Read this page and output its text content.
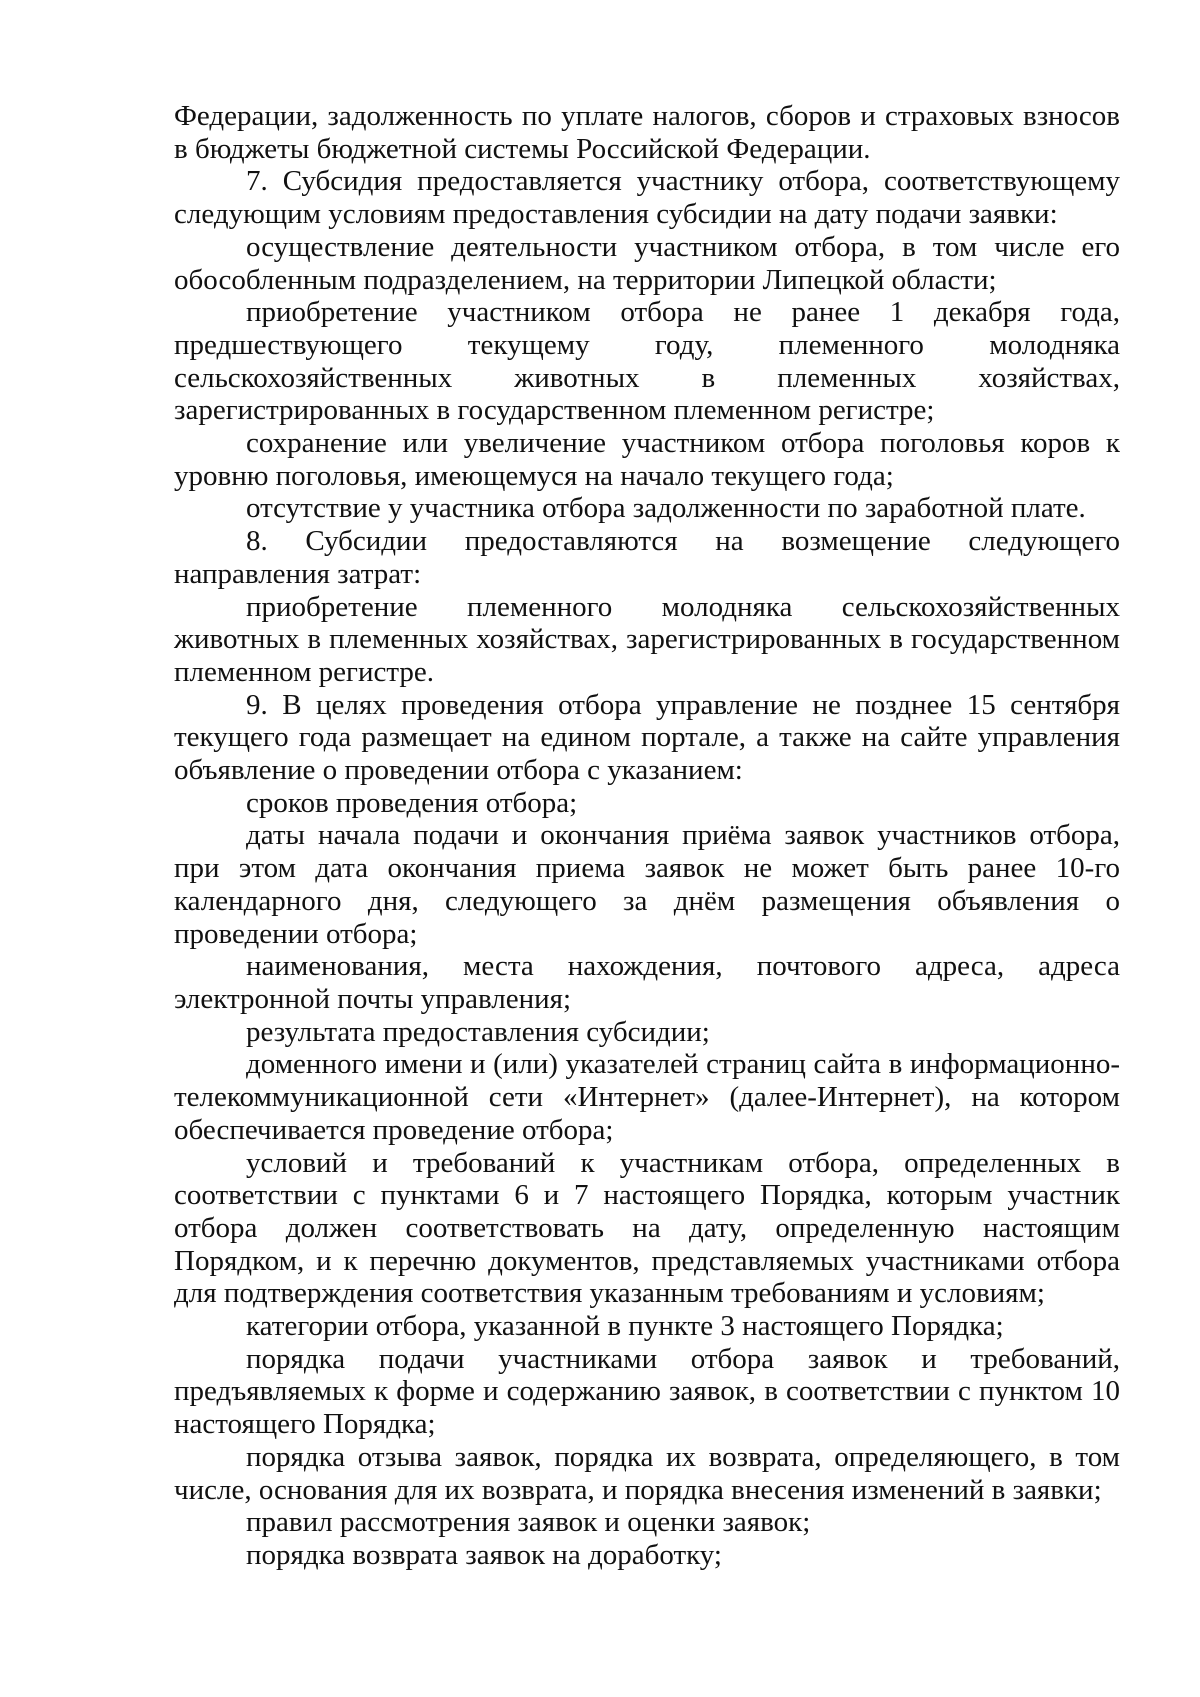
Федерации, задолженность по уплате налогов, сборов и страховых взносов в бюджеты бюджетной системы Российской Федерации.

7. Субсидия предоставляется участнику отбора, соответствующему следующим условиям предоставления субсидии на дату подачи заявки:

осуществление деятельности участником отбора, в том числе его обособленным подразделением, на территории Липецкой области;

приобретение участником отбора не ранее 1 декабря года, предшествующего текущему году, племенного молодняка сельскохозяйственных животных в племенных хозяйствах, зарегистрированных в государственном племенном регистре;

сохранение или увеличение участником отбора поголовья коров к уровню поголовья, имеющемуся на начало текущего года;

отсутствие у участника отбора задолженности по заработной плате.

8. Субсидии предоставляются на возмещение следующего направления затрат:

приобретение племенного молодняка сельскохозяйственных животных в племенных хозяйствах, зарегистрированных в государственном племенном регистре.

9. В целях проведения отбора управление не позднее 15 сентября текущего года размещает на едином портале, а также на сайте управления объявление о проведении отбора с указанием:

сроков проведения отбора;

даты начала подачи и окончания приёма заявок участников отбора, при этом дата окончания приема заявок не может быть ранее 10-го календарного дня, следующего за днём размещения объявления о проведении отбора;

наименования, места нахождения, почтового адреса, адреса электронной почты управления;

результата предоставления субсидии;

доменного имени и (или) указателей страниц сайта в информационно-телекоммуникационной сети «Интернет» (далее-Интернет), на котором обеспечивается проведение отбора;

условий и требований к участникам отбора, определенных в соответствии с пунктами 6 и 7 настоящего Порядка, которым участник отбора должен соответствовать на дату, определенную настоящим Порядком, и к перечню документов, представляемых участниками отбора для подтверждения соответствия указанным требованиям и условиям;

категории отбора, указанной в пункте 3 настоящего Порядка;

порядка подачи участниками отбора заявок и требований, предъявляемых к форме и содержанию заявок, в соответствии с пунктом 10 настоящего Порядка;

порядка отзыва заявок, порядка их возврата, определяющего, в том числе, основания для их возврата, и порядка внесения изменений в заявки;

правил рассмотрения заявок и оценки заявок;

порядка возврата заявок на доработку;
